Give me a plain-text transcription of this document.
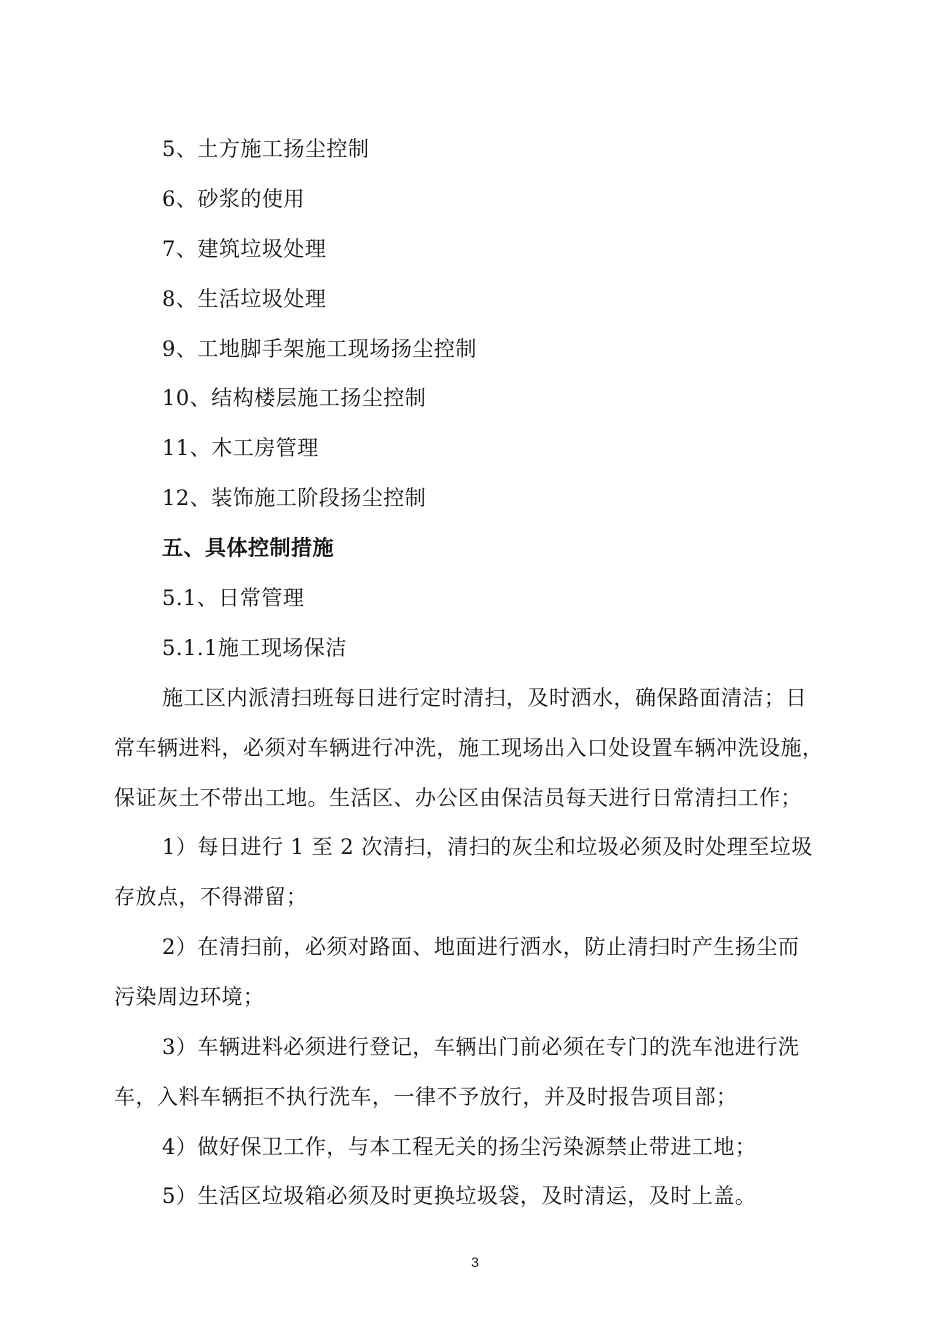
5、土方施工扬尘控制
6、砂浆的使用
7、建筑垃圾处理
8、生活垃圾处理
9、工地脚手架施工现场扬尘控制
10、结构楼层施工扬尘控制
11、木工房管理
12、装饰施工阶段扬尘控制
五、具体控制措施
5.1、日常管理
5.1.1施工现场保洁
施工区内派清扫班每日进行定时清扫，及时洒水，确保路面清洁；日
常车辆进料，必须对车辆进行冲洗，施工现场出入口处设置车辆冲洗设施，
保证灰土不带出工地。生活区、办公区由保洁员每天进行日常清扫工作；
1）每日进行 1 至 2 次清扫，清扫的灰尘和垃圾必须及时处理至垃圾
存放点，不得滞留；
2）在清扫前，必须对路面、地面进行洒水，防止清扫时产生扬尘而
污染周边环境；
3）车辆进料必须进行登记，车辆出门前必须在专门的洗车池进行洗
车，入料车辆拒不执行洗车，一律不予放行，并及时报告项目部；
4）做好保卫工作，与本工程无关的扬尘污染源禁止带进工地；
5）生活区垃圾箱必须及时更换垃圾袋，及时清运，及时上盖。
3
